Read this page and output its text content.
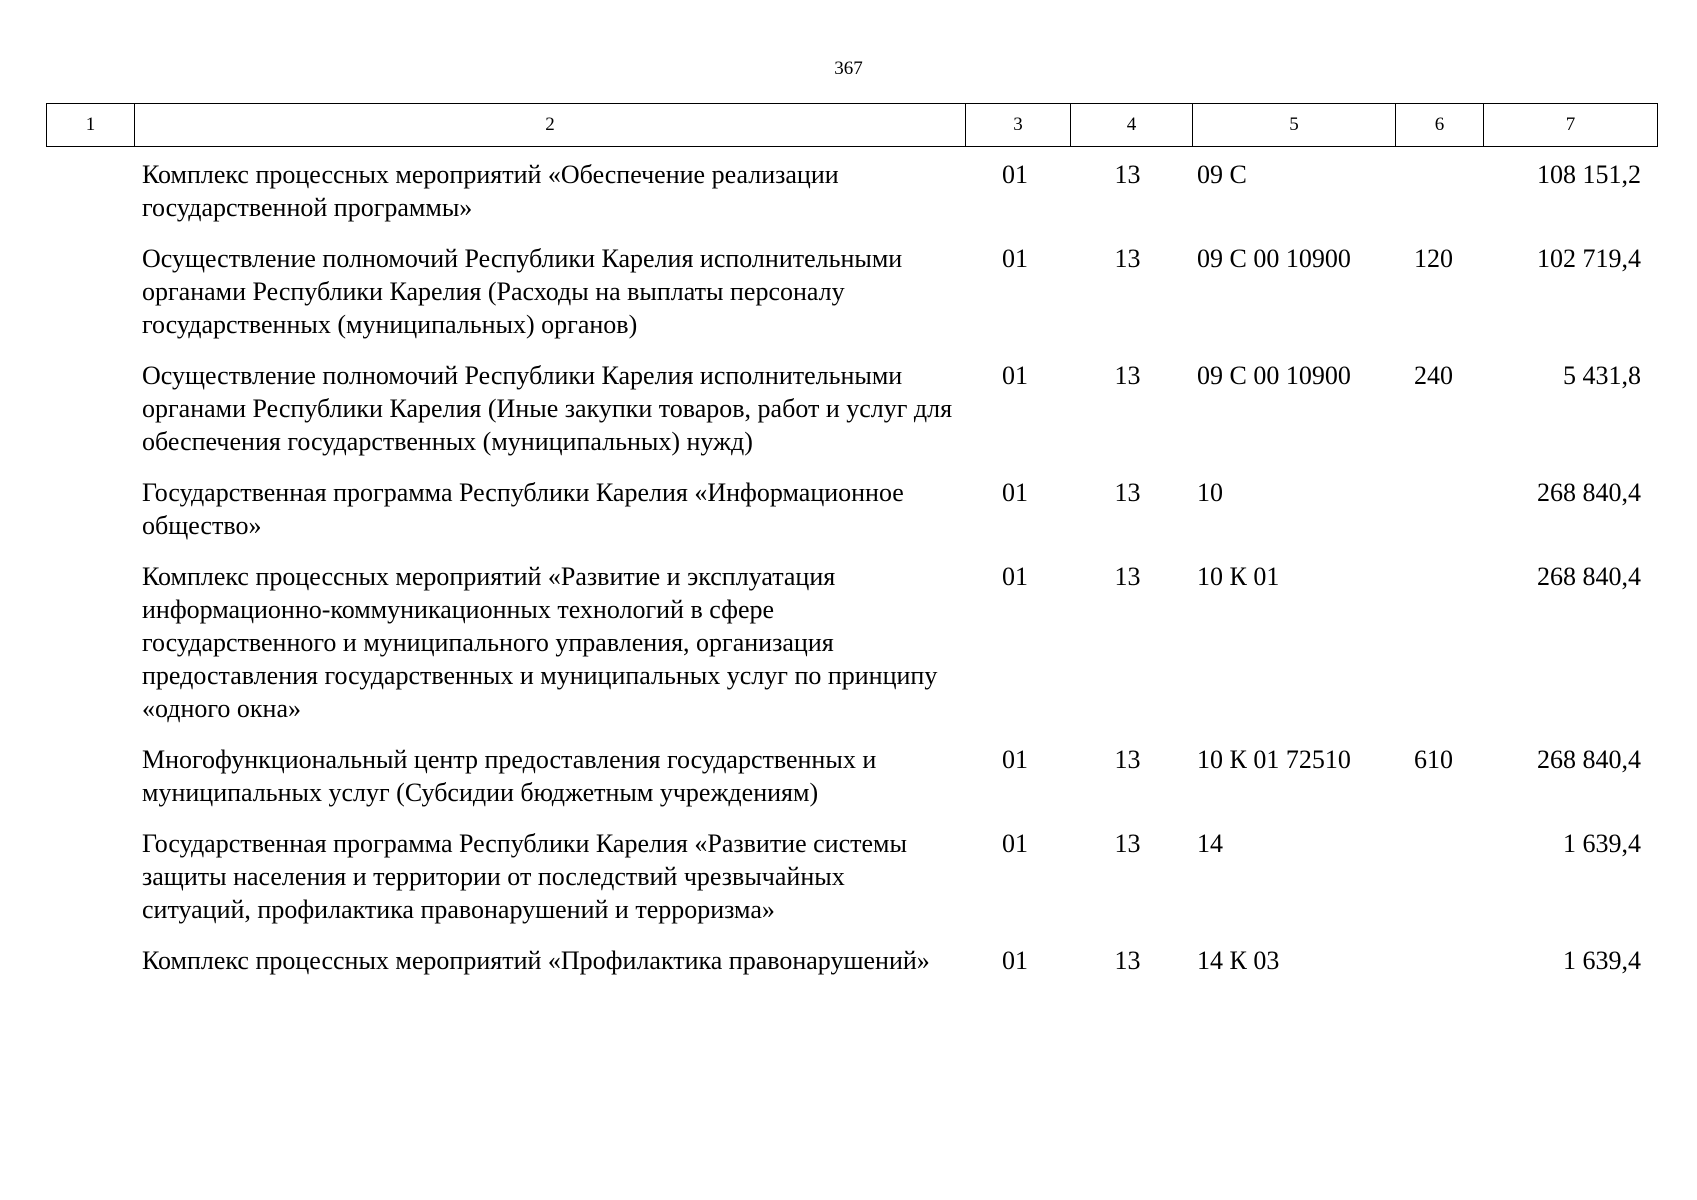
367
1	2	3	4	5	6	7
	Комплекс процессных мероприятий «Обеспечение реализации государственной программы»	01	13	09 С		108 151,2
	Осуществление полномочий Республики Карелия исполнительными органами Республики Карелия (Расходы на выплаты персоналу государственных (муниципальных) органов)	01	13	09 С 00 10900	120	102 719,4
	Осуществление полномочий Республики Карелия исполнительными органами Республики Карелия (Иные закупки товаров, работ и услуг для обеспечения государственных (муниципальных) нужд)	01	13	09 С 00 10900	240	5 431,8
	Государственная программа Республики Карелия «Информационное общество»	01	13	10		268 840,4
	Комплекс процессных мероприятий «Развитие и эксплуатация информационно-коммуникационных технологий в сфере государственного и муниципального управления, организация предоставления государственных и муниципальных услуг по принципу «одного окна»	01	13	10 К 01		268 840,4
	Многофункциональный центр предоставления государственных и муниципальных услуг (Субсидии бюджетным учреждениям)	01	13	10 К 01 72510	610	268 840,4
	Государственная программа Республики Карелия «Развитие системы защиты населения и территории от последствий чрезвычайных ситуаций, профилактика правонарушений и терроризма»	01	13	14		1 639,4
	Комплекс процессных мероприятий «Профилактика правонарушений»	01	13	14 К 03		1 639,4
